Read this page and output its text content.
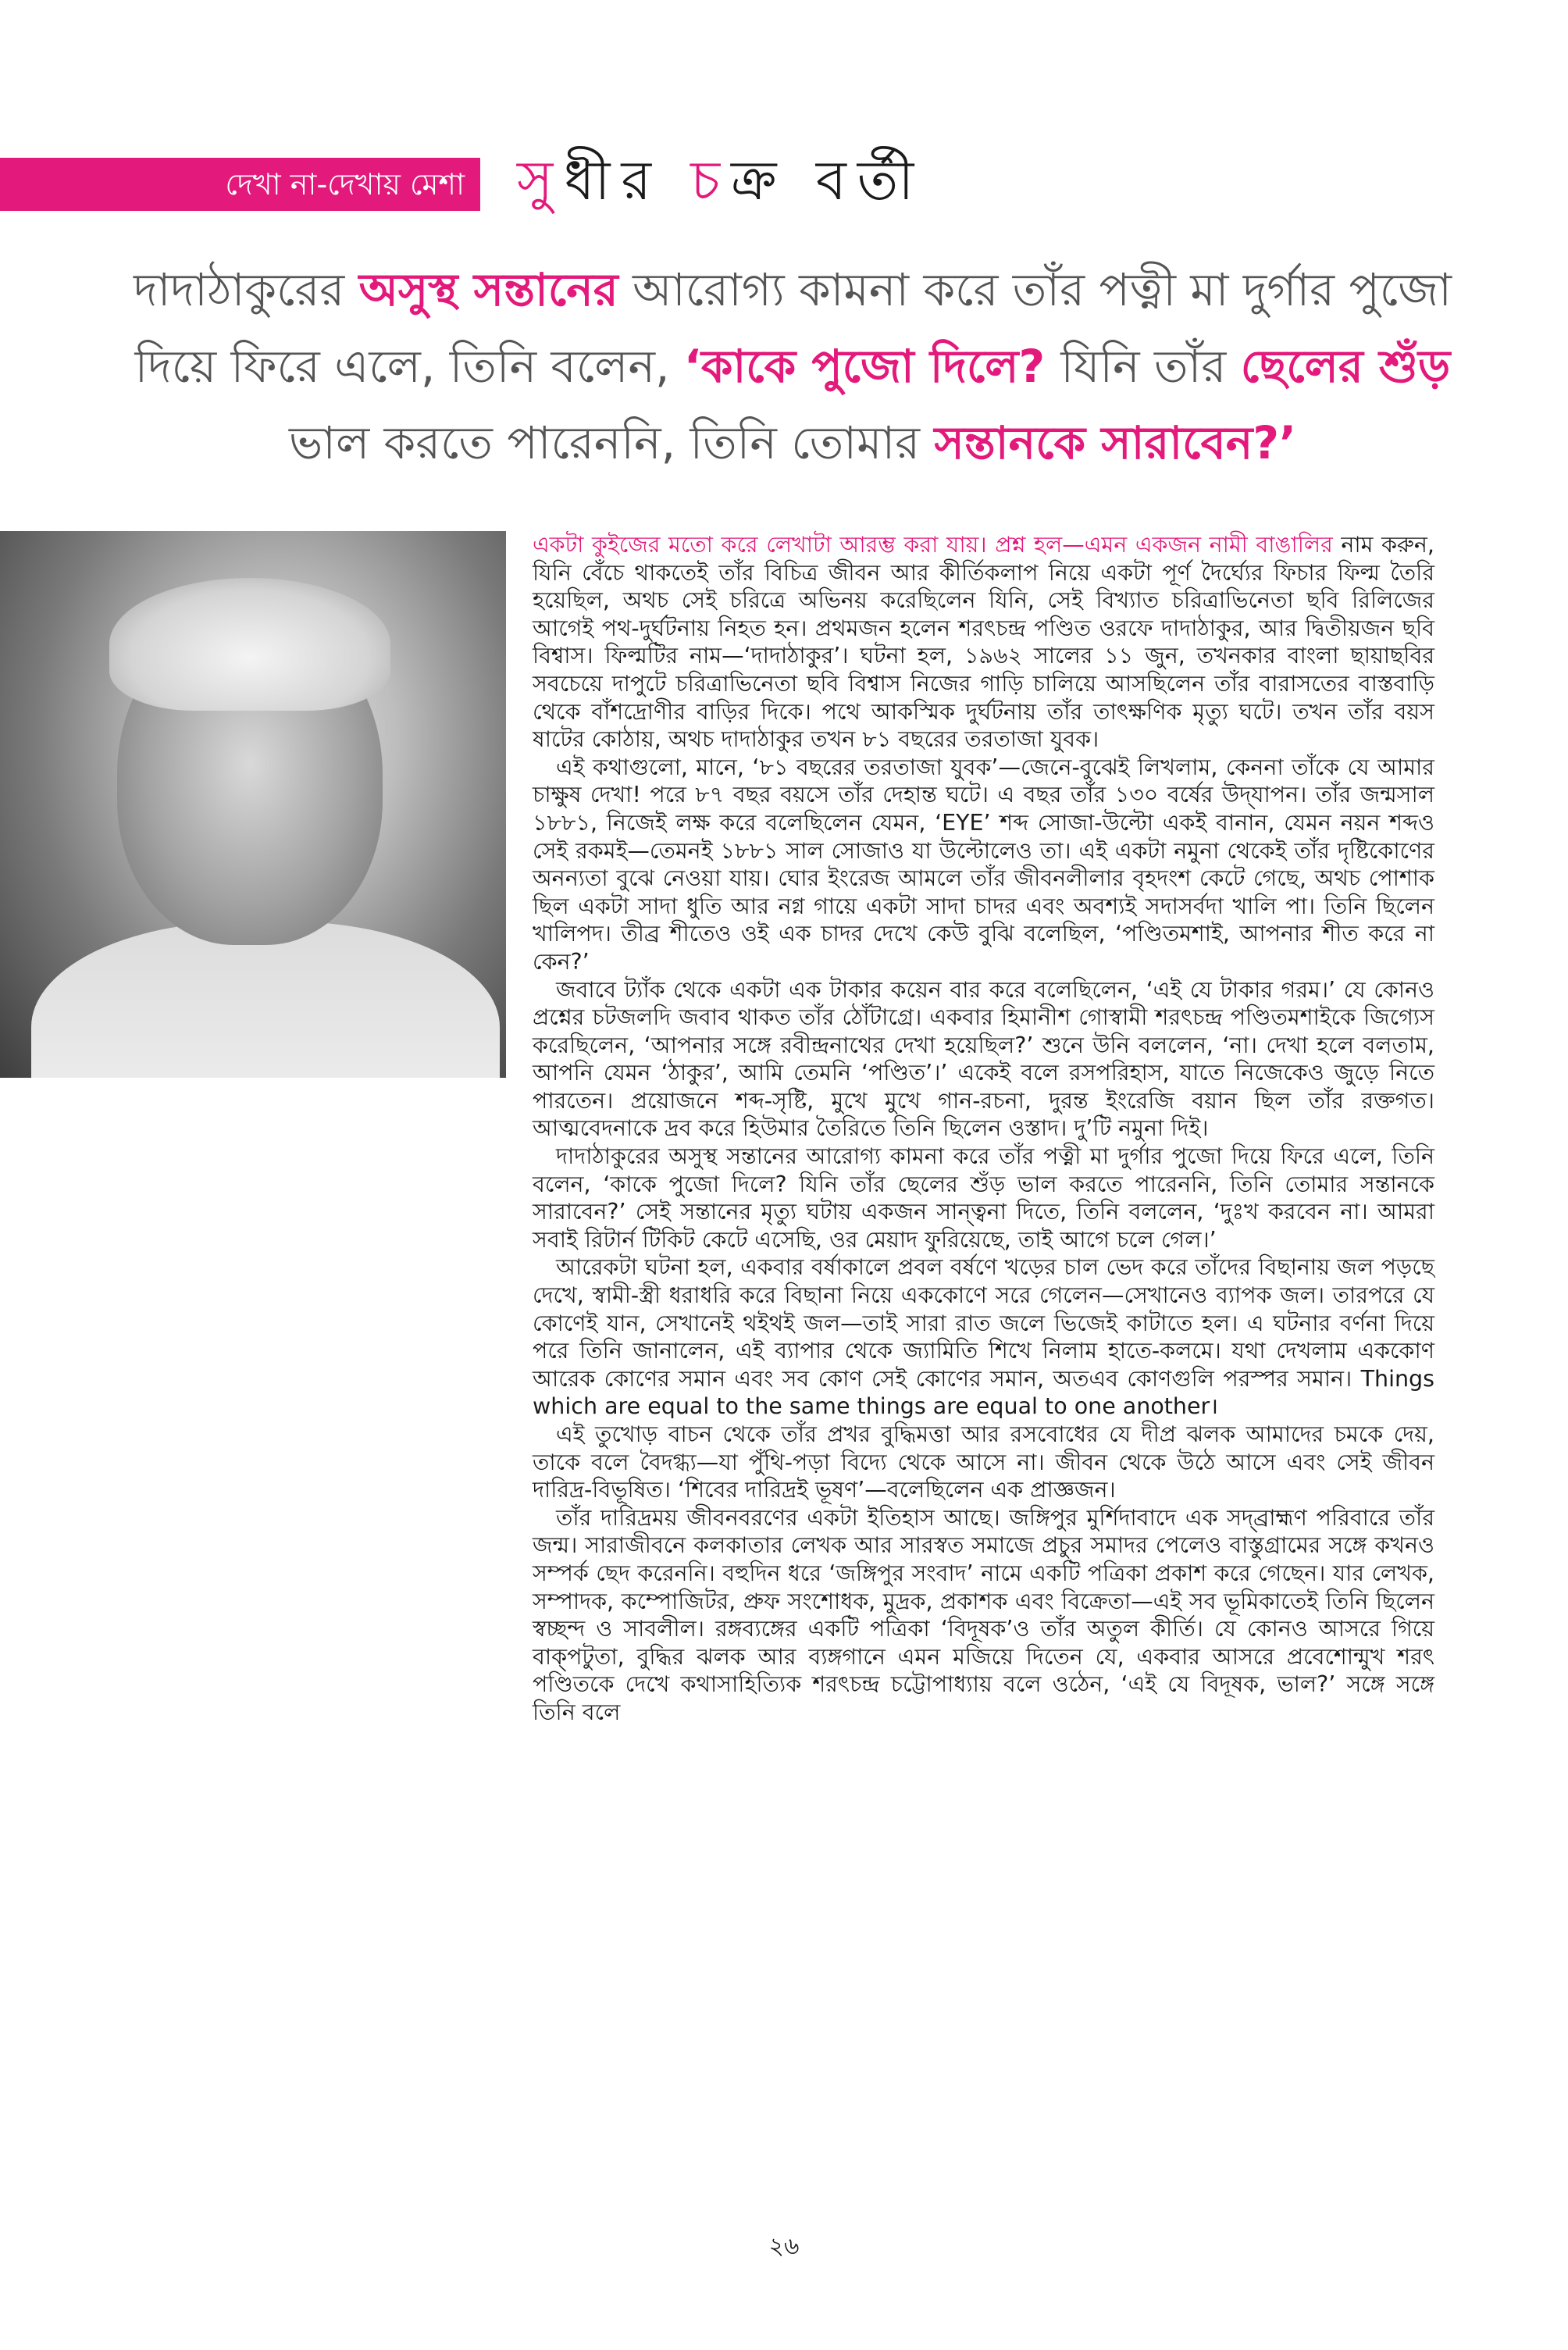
দেখা না-দেখায় মেশা সুধীর চক্র বর্তী

দাদাঠাকুরের অসুস্থ সন্তানের আরোগ্য কামনা করে তাঁর পত্নী মা দুর্গার পুজো দিয়ে ফিরে এলে, তিনি বলেন, ‘কাকে পুজো দিলে? যিনি তাঁর ছেলের শুঁড় ভাল করতে পারেননি, তিনি তোমার সন্তানকে সারাবেন?’

একটা কুইজের মতো করে লেখাটা আরম্ভ করা যায়। প্রশ্ন হল—এমন একজন নামী বাঙালির নাম করুন, যিনি বেঁচে থাকতেই তাঁর বিচিত্র জীবন আর কীর্তিকলাপ নিয়ে একটা পূর্ণ দৈর্ঘ্যের ফিচার ফিল্ম তৈরি হয়েছিল, অথচ সেই চরিত্রে অভিনয় করেছিলেন যিনি, সেই বিখ্যাত চরিত্রাভিনেতা ছবি রিলিজের আগেই পথ-দুর্ঘটনায় নিহত হন। প্রথমজন হলেন শরৎচন্দ্র পণ্ডিত ওরফে দাদাঠাকুর, আর দ্বিতীয়জন ছবি বিশ্বাস। ফিল্মটির নাম—‘দাদাঠাকুর’। ঘটনা হল, ১৯৬২ সালের ১১ জুন, তখনকার বাংলা ছায়াছবির সবচেয়ে দাপুটে চরিত্রাভিনেতা ছবি বিশ্বাস নিজের গাড়ি চালিয়ে আসছিলেন তাঁর বারাসতের বাস্তবাড়ি থেকে বাঁশদ্রোণীর বাড়ির দিকে। পথে আকস্মিক দুর্ঘটনায় তাঁর তাৎক্ষণিক মৃত্যু ঘটে। তখন তাঁর বয়স ষাটের কোঠায়, অথচ দাদাঠাকুর তখন ৮১ বছরের তরতাজা যুবক।

এই কথাগুলো, মানে, ‘৮১ বছরের তরতাজা যুবক’—জেনে-বুঝেই লিখলাম, কেননা তাঁকে যে আমার চাক্ষুষ দেখা! পরে ৮৭ বছর বয়সে তাঁর দেহান্ত ঘটে। এ বছর তাঁর ১৩০ বর্ষের উদ্‌যাপন। তাঁর জন্মসাল ১৮৮১, নিজেই লক্ষ করে বলেছিলেন যেমন, ‘EYE’ শব্দ সোজা-উল্টো একই বানান, যেমন নয়ন শব্দও সেই রকমই—তেমনই ১৮৮১ সাল সোজাও যা উল্টোলেও তা। এই একটা নমুনা থেকেই তাঁর দৃষ্টিকোণের অনন্যতা বুঝে নেওয়া যায়। ঘোর ইংরেজ আমলে তাঁর জীবনলীলার বৃহদংশ কেটে গেছে, অথচ পোশাক ছিল একটা সাদা ধুতি আর নগ্ন গায়ে একটা সাদা চাদর এবং অবশ্যই সদাসর্বদা খালি পা। তিনি ছিলেন খালিপদ। তীব্র শীতেও ওই এক চাদর দেখে কেউ বুঝি বলেছিল, ‘পণ্ডিতমশাই, আপনার শীত করে না কেন?’

জবাবে ট্যাঁক থেকে একটা এক টাকার কয়েন বার করে বলেছিলেন, ‘এই যে টাকার গরম।’ যে কোনও প্রশ্নের চটজলদি জবাব থাকত তাঁর ঠোঁটাগ্রে। একবার হিমানীশ গোস্বামী শরৎচন্দ্র পণ্ডিতমশাইকে জিগ্যেস করেছিলেন, ‘আপনার সঙ্গে রবীন্দ্রনাথের দেখা হয়েছিল?’ শুনে উনি বললেন, ‘না। দেখা হলে বলতাম, আপনি যেমন ‘ঠাকুর’, আমি তেমনি ‘পণ্ডিত’।’ একেই বলে রসপরিহাস, যাতে নিজেকেও জুড়ে নিতে পারতেন। প্রয়োজনে শব্দ-সৃষ্টি, মুখে মুখে গান-রচনা, দুরন্ত ইংরেজি বয়ান ছিল তাঁর রক্তগত। আত্মবেদনাকে দ্রব করে হিউমার তৈরিতে তিনি ছিলেন ওস্তাদ। দু’টি নমুনা দিই।

দাদাঠাকুরের অসুস্থ সন্তানের আরোগ্য কামনা করে তাঁর পত্নী মা দুর্গার পুজো দিয়ে ফিরে এলে, তিনি বলেন, ‘কাকে পুজো দিলে? যিনি তাঁর ছেলের শুঁড় ভাল করতে পারেননি, তিনি তোমার সন্তানকে সারাবেন?’ সেই সন্তানের মৃত্যু ঘটায় একজন সান্ত্বনা দিতে, তিনি বললেন, ‘দুঃখ করবেন না। আমরা সবাই রিটার্ন টিকিট কেটে এসেছি, ওর মেয়াদ ফুরিয়েছে, তাই আগে চলে গেল।’

আরেকটা ঘটনা হল, একবার বর্ষাকালে প্রবল বর্ষণে খড়ের চাল ভেদ করে তাঁদের বিছানায় জল পড়ছে দেখে, স্বামী-স্ত্রী ধরাধরি করে বিছানা নিয়ে এককোণে সরে গেলেন—সেখানেও ব্যাপক জল। তারপরে যে কোণেই যান, সেখানেই থইথই জল—তাই সারা রাত জলে ভিজেই কাটাতে হল। এ ঘটনার বর্ণনা দিয়ে পরে তিনি জানালেন, এই ব্যাপার থেকে জ্যামিতি শিখে নিলাম হাতে-কলমে। যথা দেখলাম এককোণ আরেক কোণের সমান এবং সব কোণ সেই কোণের সমান, অতএব কোণগুলি পরস্পর সমান। Things which are equal to the same things are equal to one another।

এই তুখোড় বাচন থেকে তাঁর প্রখর বুদ্ধিমত্তা আর রসবোধের যে দীপ্র ঝলক আমাদের চমকে দেয়, তাকে বলে বৈদগ্ধ্য—যা পুঁথি-পড়া বিদ্যে থেকে আসে না। জীবন থেকে উঠে আসে এবং সেই জীবন দারিদ্র-বিভূষিত। ‘শিবের দারিদ্রই ভূষণ’—বলেছিলেন এক প্রাজ্ঞজন।

তাঁর দারিদ্রময় জীবনবরণের একটা ইতিহাস আছে। জঙ্গিপুর মুর্শিদাবাদে এক সদ্‌ব্রাহ্মণ পরিবারে তাঁর জন্ম। সারাজীবনে কলকাতার লেখক আর সারস্বত সমাজে প্রচুর সমাদর পেলেও বাস্তুগ্রামের সঙ্গে কখনও সম্পর্ক ছেদ করেননি। বহুদিন ধরে ‘জঙ্গিপুর সংবাদ’ নামে একটি পত্রিকা প্রকাশ করে গেছেন। যার লেখক, সম্পাদক, কম্পোজিটর, প্রুফ সংশোধক, মুদ্রক, প্রকাশক এবং বিক্রেতা—এই সব ভূমিকাতেই তিনি ছিলেন স্বচ্ছন্দ ও সাবলীল। রঙ্গব্যঙ্গের একটি পত্রিকা ‘বিদূষক’ও তাঁর অতুল কীর্তি। যে কোনও আসরে গিয়ে বাক্‌পটুতা, বুদ্ধির ঝলক আর ব্যঙ্গগানে এমন মজিয়ে দিতেন যে, একবার আসরে প্রবেশোন্মুখ শরৎ পণ্ডিতকে দেখে কথাসাহিত্যিক শরৎচন্দ্র চট্টোপাধ্যায় বলে ওঠেন, ‘এই যে বিদূষক, ভাল?’ সঙ্গে সঙ্গে তিনি বলে

২৬
